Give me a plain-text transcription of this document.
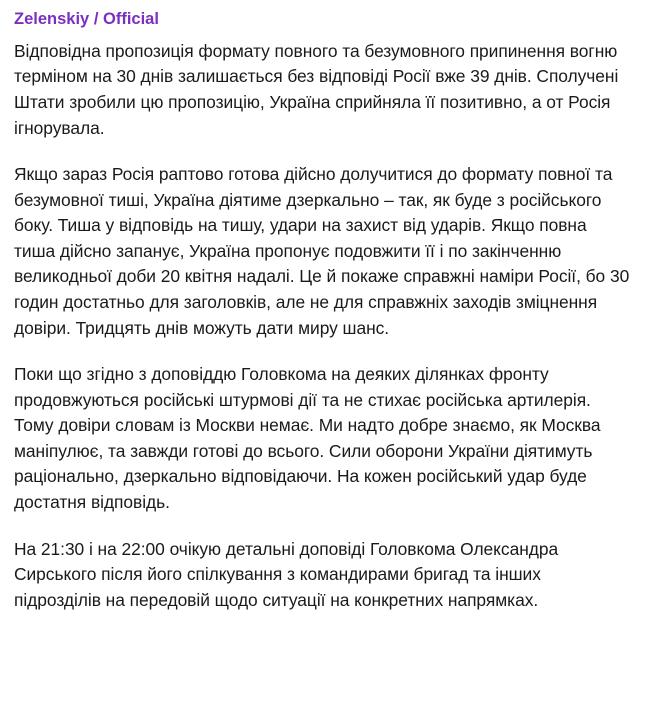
Zelenskiy / Official

Відповідна пропозиція формату повного та безумовного припинення вогню терміном на 30 днів залишається без відповіді Росії вже 39 днів. Сполучені Штати зробили цю пропозицію, Україна сприйняла її позитивно, а от Росія ігнорувала.

Якщо зараз Росія раптово готова дійсно долучитися до формату повної та безумовної тиші, Україна діятиме дзеркально – так, як буде з російського боку. Тиша у відповідь на тишу, удари на захист від ударів. Якщо повна тиша дійсно запанує, Україна пропонує подовжити її і по закінченню великодньої доби 20 квітня надалі. Це й покаже справжні наміри Росії, бо 30 годин достатньо для заголовків, але не для справжніх заходів зміцнення довіри. Тридцять днів можуть дати миру шанс.

Поки що згідно з доповіддю Головкома на деяких ділянках фронту продовжуються російські штурмові дії та не стихає російська артилерія. Тому довіри словам із Москви немає. Ми надто добре знаємо, як Москва маніпулює, та завжди готові до всього. Сили оборони України діятимуть раціонально, дзеркально відповідаючи. На кожен російський удар буде достатня відповідь.

На 21:30 і на 22:00 очікую детальні доповіді Головкома Олександра Сирського після його спілкування з командирами бригад та інших підрозділів на передовій щодо ситуації на конкретних напрямках.
